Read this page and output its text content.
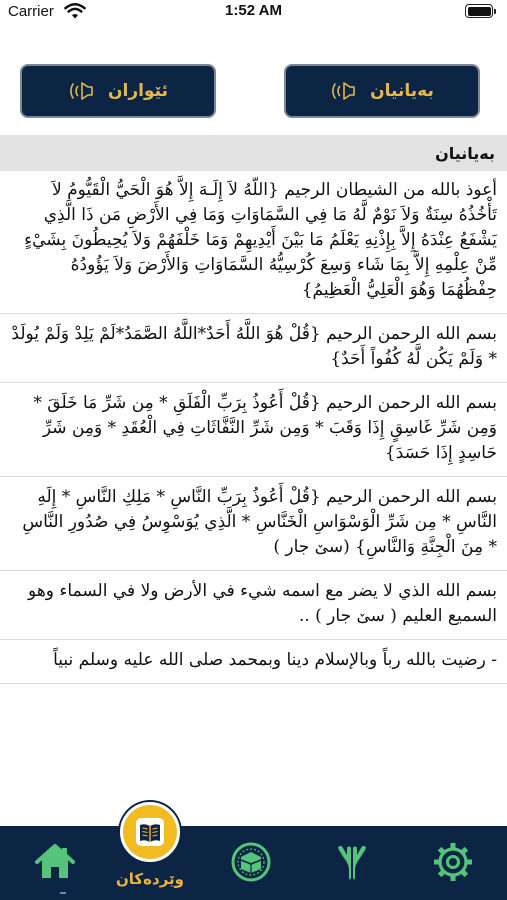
Carrier	1:52 AM
ئێواران	بەیانیان
بەیانیان
أعوذ بالله من الشيطان الرجيم {اللّهُ لاَ إِلَـهَ إِلاَّ هُوَ الْحَيُّ الْقَيُّومُ لاَ تَأْخُذُهُ سِنَةٌ وَلاَ نَوْمٌ لَّهُ مَا فِي السَّمَاوَاتِ وَمَا فِي الأَرْضِ مَن ذَا الَّذِي يَشْفَعُ عِنْدَهُ إِلاَّ بِإِذْنِهِ يَعْلَمُ مَا بَيْنَ أَيْدِيهِمْ وَمَا خَلْفَهُمْ وَلاَ يُحِيطُونَ بِشَيْءٍ مِّنْ عِلْمِهِ إِلاَّ بِمَا شَاء وَسِعَ كُرْسِيُّهُ السَّمَاوَاتِ وَالأَرْضَ وَلاَ يَؤُودُهُ حِفْظُهُمَا وَهُوَ الْعَلِيُّ الْعَظِيمُ}
بسم الله الرحمن الرحيم {قُلْ هُوَ اللَّهُ أَحَدٌ*اللَّهُ الصَّمَدُ*لَمْ يَلِدْ وَلَمْ يُولَدْ * وَلَمْ يَكُن لَّهُ كُفُواً أَحَدٌ}
بسم الله الرحمن الرحيم {قُلْ أَعُوذُ بِرَبِّ الْفَلَقِ * مِن شَرِّ مَا خَلَقَ * وَمِن شَرِّ غَاسِقٍ إِذَا وَقَبَ * وَمِن شَرِّ النَّفَّاثَاتِ فِي الْعُقَدِ * وَمِن شَرِّ حَاسِدٍ إِذَا حَسَدَ}
بسم الله الرحمن الرحيم {قُلْ أَعُوذُ بِرَبِّ النَّاسِ * مَلِكِ النَّاسِ * إِلَهِ النَّاسِ * مِن شَرِّ الْوَسْوَاسِ الْخَنَّاسِ * الَّذِي يُوَسْوِسُ فِي صُدُورِ النَّاسِ * مِنَ الْجِنَّةِ وَالنَّاسِ} (سێ جار )
بسم الله الذي لا يضر مع اسمه شيء في الأرض ولا في السماء وهو السميع العليم ( سێ جار ) ..
- رضيت بالله رباً وبالإسلام دينا وبمحمد صلى الله عليه وسلم نبياً
وێردەکان
